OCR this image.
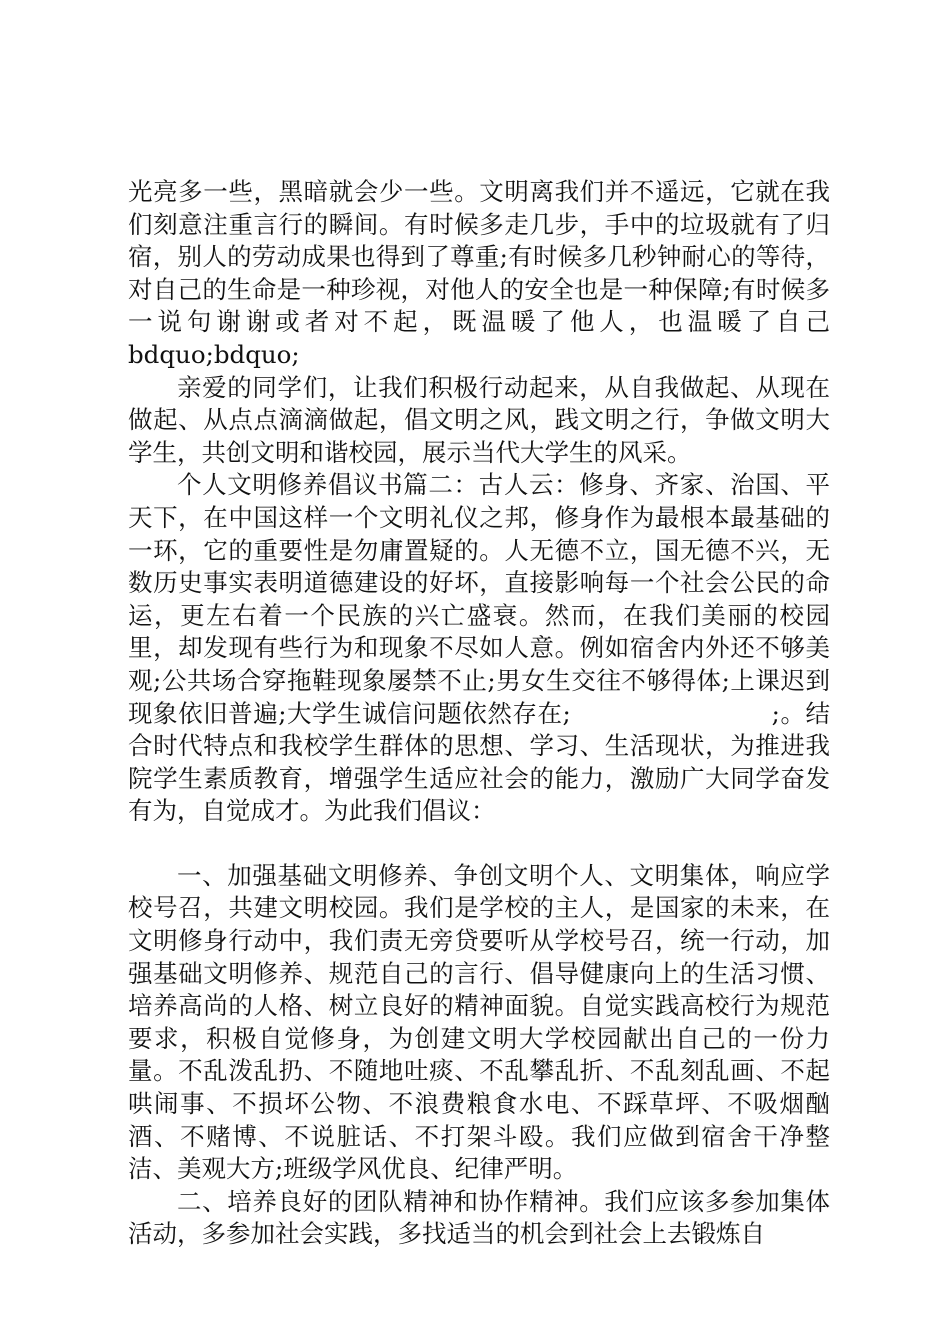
光亮多一些，黑暗就会少一些。文明离我们并不遥远，它就在我们刻意注重言行的瞬间。有时候多走几步，手中的垃圾就有了归宿，别人的劳动成果也得到了尊重;有时候多几秒钟耐心的等待，对自己的生命是一种珍视，对他人的安全也是一种保障;有时候多一说句谢谢或者对不起，既温暖了他人，也温暖了自己 bdquo;bdquo;

亲爱的同学们，让我们积极行动起来，从自我做起、从现在做起、从点点滴滴做起，倡文明之风，践文明之行，争做文明大学生，共创文明和谐校园，展示当代大学生的风采。

个人文明修养倡议书篇二：古人云：修身、齐家、治国、平天下，在中国这样一个文明礼仪之邦，修身作为最根本最基础的一环，它的重要性是勿庸置疑的。人无德不立，国无德不兴，无数历史事实表明道德建设的好坏，直接影响每一个社会公民的命运，更左右着一个民族的兴亡盛衰。然而，在我们美丽的校园里，却发现有些行为和现象不尽如人意。例如宿舍内外还不够美观;公共场合穿拖鞋现象屡禁不止;男女生交往不够得体;上课迟到现象依旧普遍;大学生诚信问题依然存在;　　　　　　　　;。结合时代特点和我校学生群体的思想、学习、生活现状，为推进我院学生素质教育，增强学生适应社会的能力，激励广大同学奋发有为，自觉成才。为此我们倡议：

一、加强基础文明修养、争创文明个人、文明集体，响应学校号召，共建文明校园。我们是学校的主人，是国家的未来，在文明修身行动中，我们责无旁贷要听从学校号召，统一行动，加强基础文明修养、规范自己的言行、倡导健康向上的生活习惯、培养高尚的人格、树立良好的精神面貌。自觉实践高校行为规范要求，积极自觉修身，为创建文明大学校园献出自己的一份力量。不乱泼乱扔、不随地吐痰、不乱攀乱折、不乱刻乱画、不起哄闹事、不损坏公物、不浪费粮食水电、不踩草坪、不吸烟酗酒、不赌博、不说脏话、不打架斗殴。我们应做到宿舍干净整洁、美观大方;班级学风优良、纪律严明。

二、培养良好的团队精神和协作精神。我们应该多参加集体活动，多参加社会实践，多找适当的机会到社会上去锻炼自
